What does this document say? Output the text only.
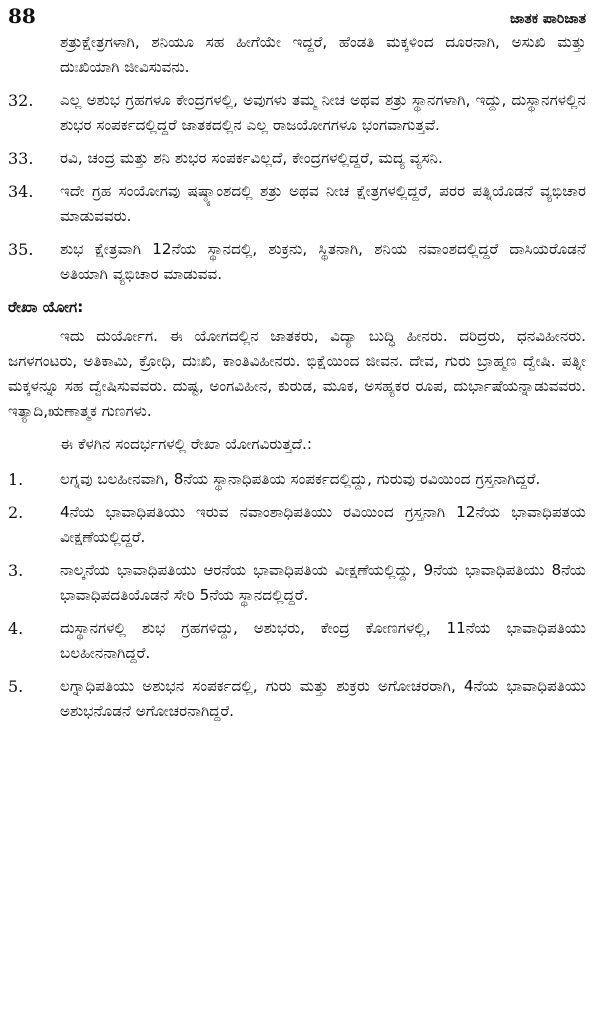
88	ಜಾತಕ ಪಾರಿಜಾತ

ಶತ್ರುಕ್ಷೇತ್ರಗಳಾಗಿ, ಶನಿಯೂ ಸಹ ಹೀಗೆಯೇ ಇದ್ದರೆ, ಹೆಂಡತಿ ಮಕ್ಕಳಿಂದ ದೂರನಾಗಿ, ಅಸುಖಿ ಮತ್ತು ದುಃಖಿಯಾಗಿ ಜೀವಿಸುವನು.

32.	ಎಲ್ಲ ಅಶುಭ ಗ್ರಹಗಳೂ ಕೇಂದ್ರಗಳಲ್ಲಿ, ಅವುಗಳು ತಮ್ಮ ನೀಚ ಅಥವ ಶತ್ರು ಸ್ಥಾನಗಳಾಗಿ, ಇದ್ದು, ದುಸ್ಥಾನಗಳಲ್ಲಿನ ಶುಭರ ಸಂಪರ್ಕದಲ್ಲಿದ್ದರೆ ಜಾತಕದಲ್ಲಿನ ಎಲ್ಲ ರಾಜಯೋಗಗಳೂ ಭಂಗವಾಗುತ್ತವೆ.
33.	ರವಿ, ಚಂದ್ರ ಮತ್ತು ಶನಿ ಶುಭರ ಸಂಪರ್ಕವಿಲ್ಲದೆ, ಕೇಂದ್ರಗಳಲ್ಲಿದ್ದರೆ, ಮದ್ಯ ವ್ಯಸನಿ.
34.	ಇದೇ ಗ್ರಹ ಸಂಯೋಗವು ಷಷ್ಠ್ಯಾಂಶದಲ್ಲಿ ಶತ್ರು ಅಥವ ನೀಚ ಕ್ಷೇತ್ರಗಳಲ್ಲಿದ್ದರೆ, ಪರರ ಪತ್ನಿಯೊಡನೆ ವ್ಯಭಿಚಾರ ಮಾಡುವವರು.
35.	ಶುಭ ಕ್ಷೇತ್ರವಾಗಿ 12ನೆಯ ಸ್ಥಾನದಲ್ಲಿ, ಶುಕ್ರನು, ಸ್ಥಿತನಾಗಿ, ಶನಿಯ ನವಾಂಶದಲ್ಲಿದ್ದರೆ ದಾಸಿಯರೊಡನೆ ಅತಿಯಾಗಿ ವ್ಯಭಿಚಾರ ಮಾಡುವವ.
ರೇಖಾ ಯೋಗ:

ಇದು ದುರ್ಯೋಗ. ಈ ಯೋಗದಲ್ಲಿನ ಜಾತಕರು, ವಿದ್ಯಾ ಬುದ್ಧಿ ಹೀನರು. ದರಿದ್ರರು, ಧನವಿಹೀನರು. ಜಗಳಗಂಟರು, ಅತಿಕಾಮಿ, ಕ್ರೋಧಿ, ದುಃಖಿ, ಕಾಂತಿವಿಹೀನರು. ಭಿಕ್ಷೆಯಿಂದ ಜೀವನ. ದೇವ, ಗುರು ಬ್ರಾಹ್ಮಣ ದ್ವೇಷಿ. ಪತ್ನೀ ಮಕ್ಕಳನ್ನೂ ಸಹ ದ್ವೇಷಿಸುವವರು. ದುಷ್ಟ, ಅಂಗವಿಹೀನ, ಕುರುಡ, ಮೂಕ, ಅಸಹ್ಯಕರ ರೂಪ, ದುರ್ಭಾಷೆಯನ್ನಾಡುವವರು. ಇತ್ಯಾದಿ,ಋಣಾತ್ಮಕ ಗುಣಗಳು.

ಈ ಕೆಳಗಿನ ಸಂದರ್ಭಗಳಲ್ಲಿ ರೇಖಾ ಯೋಗವಿರುತ್ತದೆ.:

1.	ಲಗ್ನವು ಬಲಹೀನವಾಗಿ, 8ನೆಯ ಸ್ಥಾನಾಧಿಪತಿಯ ಸಂಪರ್ಕದಲ್ಲಿದ್ದು, ಗುರುವು ರವಿಯಿಂದ ಗ್ರಸ್ತನಾಗಿದ್ದರೆ.
2.	4ನೆಯ ಭಾವಾಧಿಪತಿಯು ಇರುವ ನವಾಂಶಾಧಿಪತಿಯು ರವಿಯಿಂದ ಗ್ರಸ್ತನಾಗಿ 12ನೆಯ ಭಾವಾಧಿಪತಯ ವೀಕ್ಷಣೆಯಲ್ಲಿದ್ದರೆ.
3.	ನಾಲ್ಕನೆಯ ಭಾವಾಧಿಪತಿಯು ಆರನೆಯ ಭಾವಾಧಿಪತಿಯ ವೀಕ್ಷಣೆಯಲ್ಲಿದ್ದು, 9ನೆಯ ಭಾವಾಧಿಪತಿಯು 8ನೆಯ ಭಾವಾಧಿಪದತಿಯೊಡನೆ ಸೇರಿ 5ನೆಯ ಸ್ಥಾನದಲ್ಲಿದ್ದರೆ.
4.	ದುಸ್ಥಾನಗಳಲ್ಲಿ ಶುಭ ಗ್ರಹಗಳಿದ್ದು, ಅಶುಭರು, ಕೇಂದ್ರ ಕೋಣಗಳಲ್ಲಿ, 11ನೆಯ ಭಾವಾಧಿಪತಿಯು ಬಲಹೀನನಾಗಿದ್ದರೆ.
5.	ಲಗ್ನಾಧಿಪತಿಯು ಅಶುಭನ ಸಂಪರ್ಕದಲ್ಲಿ, ಗುರು ಮತ್ತು ಶುಕ್ರರು ಅಗೋಚರರಾಗಿ, 4ನೆಯ ಭಾವಾಧಿಪತಿಯು ಅಶುಭನೊಡನೆ ಅಗೋಚರನಾಗಿದ್ದರೆ.
